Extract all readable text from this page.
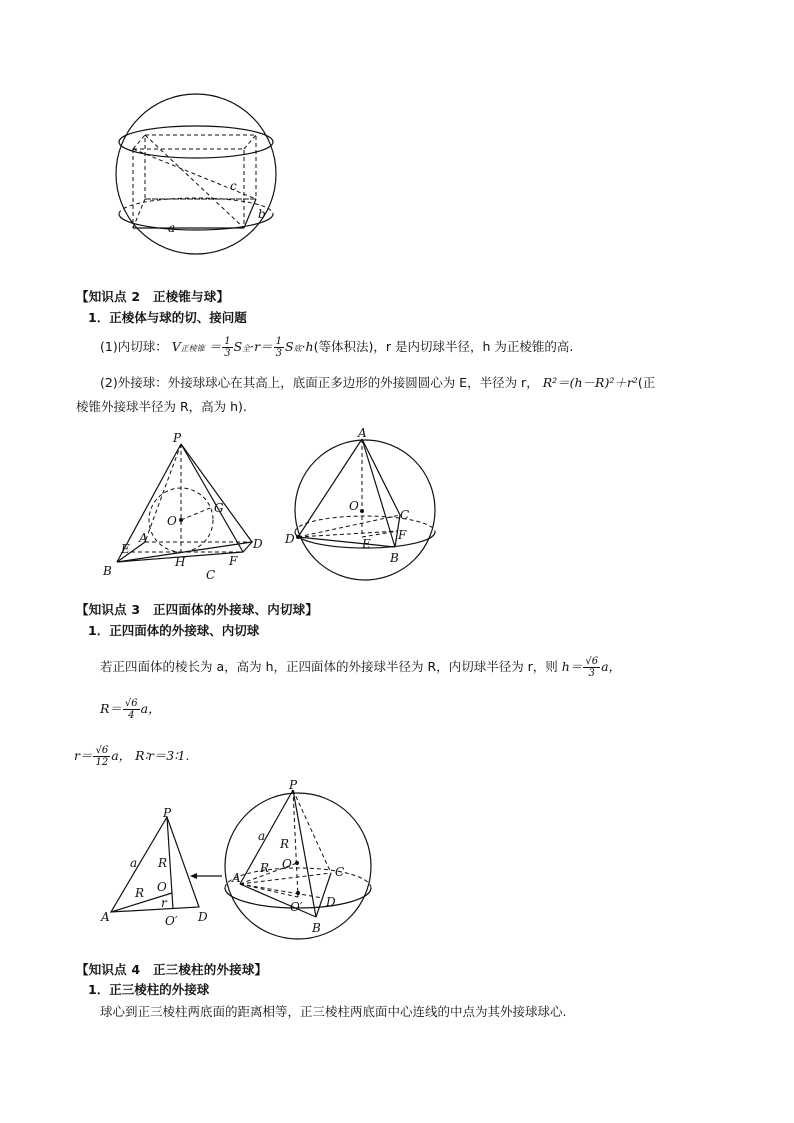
c
b
a
【知识点 2　正棱锥与球】
1．正棱体与球的切、接问题
(1)内切球： V正棱锥 ＝ $\frac{1}{3}$ S全$\cdot r= \frac{1}{3}$ S底·h(等体积法)，r 是内切球半径，h 为正棱锥的高.
(2)外接球：外接球球心在其高上，底面正多边形的外接圆圆心为 E，半径为 r， R²＝(h－R)²＋r²(正
棱锥外接球半径为 R，高为 h).
P
G
O
A
E
H
D
F
B	C
A
O
C
D	E
F
B
【知识点 3　正四面体的外接球、内切球】
1．正四面体的外接球、内切球
若正四面体的棱长为 a，高为 h，正四面体的外接球半径为 R，内切球半径为 r，则 $h= \frac{√6}{3}$ a，
$R= \frac{√6}{4}$ a，
$r= \frac{√6}{12}$ a， R∶r＝3∶1.
P
a R
R O
r
A	O′ D
P
a
R
O
R
A	C
O′ D
B
【知识点 4　正三棱柱的外接球】
1．正三棱柱的外接球
球心到正三棱柱两底面的距离相等，正三棱柱两底面中心连线的中点为其外接球球心.
